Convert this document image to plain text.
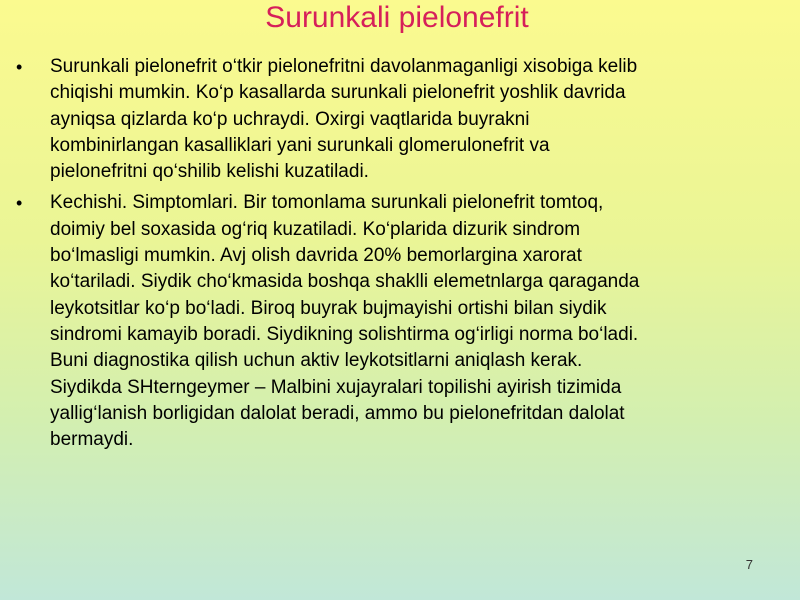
Surunkali pielonefrit
• Surunkali pielonefrit o‘tkir pielonefritni davolanmaganligi xisobiga kelib
chiqishi mumkin. Ko‘p kasallarda surunkali pielonefrit yoshlik davrida
ayniqsa qizlarda ko‘p uchraydi. Oxirgi vaqtlarida buyrakni
kombinirlangan kasalliklari yani surunkali glomerulonefrit va
pielonefritni qo‘shilib kelishi kuzatiladi.
• Kechishi. Simptomlari. Bir tomonlama surunkali pielonefrit tomtoq,
doimiy bel soxasida og‘riq kuzatiladi. Ko‘plarida dizurik sindrom
bo‘lmasligi mumkin. Avj olish davrida 20% bemorlargina xarorat
ko‘tariladi. Siydik cho‘kmasida boshqa shaklli elemetnlarga qaraganda
leykotsitlar ko‘p bo‘ladi. Biroq buyrak bujmayishi ortishi bilan siydik
sindromi kamayib boradi. Siydikning solishtirma og‘irligi norma bo‘ladi.
Buni diagnostika qilish uchun aktiv leykotsitlarni aniqlash kerak.
Siydikda SHterngeymer – Malbini xujayralari topilishi ayirish tizimida
yallig‘lanish borligidan dalolat beradi, ammo bu pielonefritdan dalolat
bermaydi.

7
